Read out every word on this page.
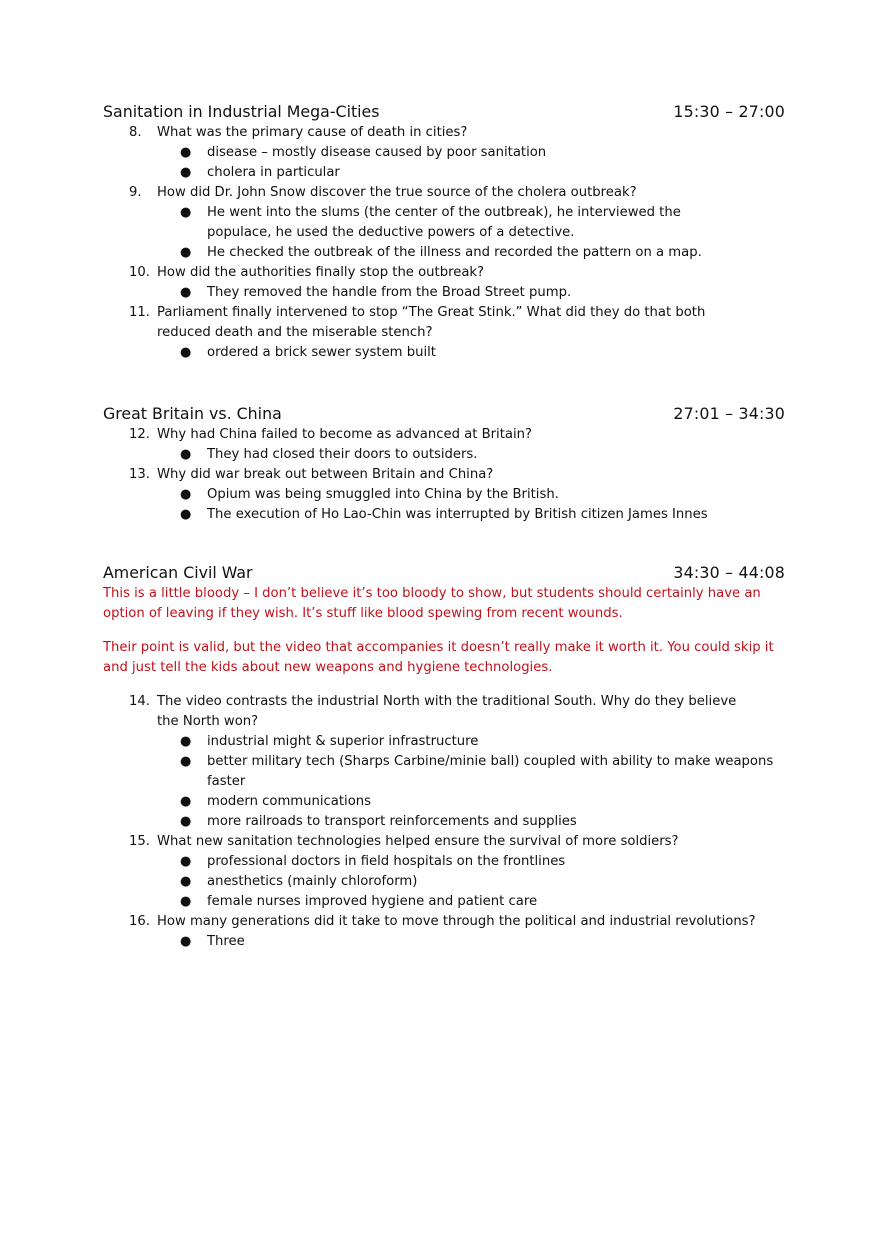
Sanitation in Industrial Mega-Cities	15:30 – 27:00
8. What was the primary cause of death in cities?
● disease – mostly disease caused by poor sanitation
● cholera in particular
9. How did Dr. John Snow discover the true source of the cholera outbreak?
● He went into the slums (the center of the outbreak), he interviewed the populace, he used the deductive powers of a detective.
● He checked the outbreak of the illness and recorded the pattern on a map.
10. How did the authorities finally stop the outbreak?
● They removed the handle from the Broad Street pump.
11. Parliament finally intervened to stop “The Great Stink.” What did they do that both reduced death and the miserable stench?
● ordered a brick sewer system built
Great Britain vs. China	27:01 – 34:30
12. Why had China failed to become as advanced at Britain?
● They had closed their doors to outsiders.
13. Why did war break out between Britain and China?
● Opium was being smuggled into China by the British.
● The execution of Ho Lao-Chin was interrupted by British citizen James Innes
American Civil War	34:30 – 44:08
This is a little bloody – I don’t believe it’s too bloody to show, but students should certainly have an option of leaving if they wish. It’s stuff like blood spewing from recent wounds.
Their point is valid, but the video that accompanies it doesn’t really make it worth it. You could skip it and just tell the kids about new weapons and hygiene technologies.
14. The video contrasts the industrial North with the traditional South. Why do they believe the North won?
● industrial might & superior infrastructure
● better military tech (Sharps Carbine/minie ball) coupled with ability to make weapons faster
● modern communications
● more railroads to transport reinforcements and supplies
15. What new sanitation technologies helped ensure the survival of more soldiers?
● professional doctors in field hospitals on the frontlines
● anesthetics (mainly chloroform)
● female nurses improved hygiene and patient care
16. How many generations did it take to move through the political and industrial revolutions?
● Three
